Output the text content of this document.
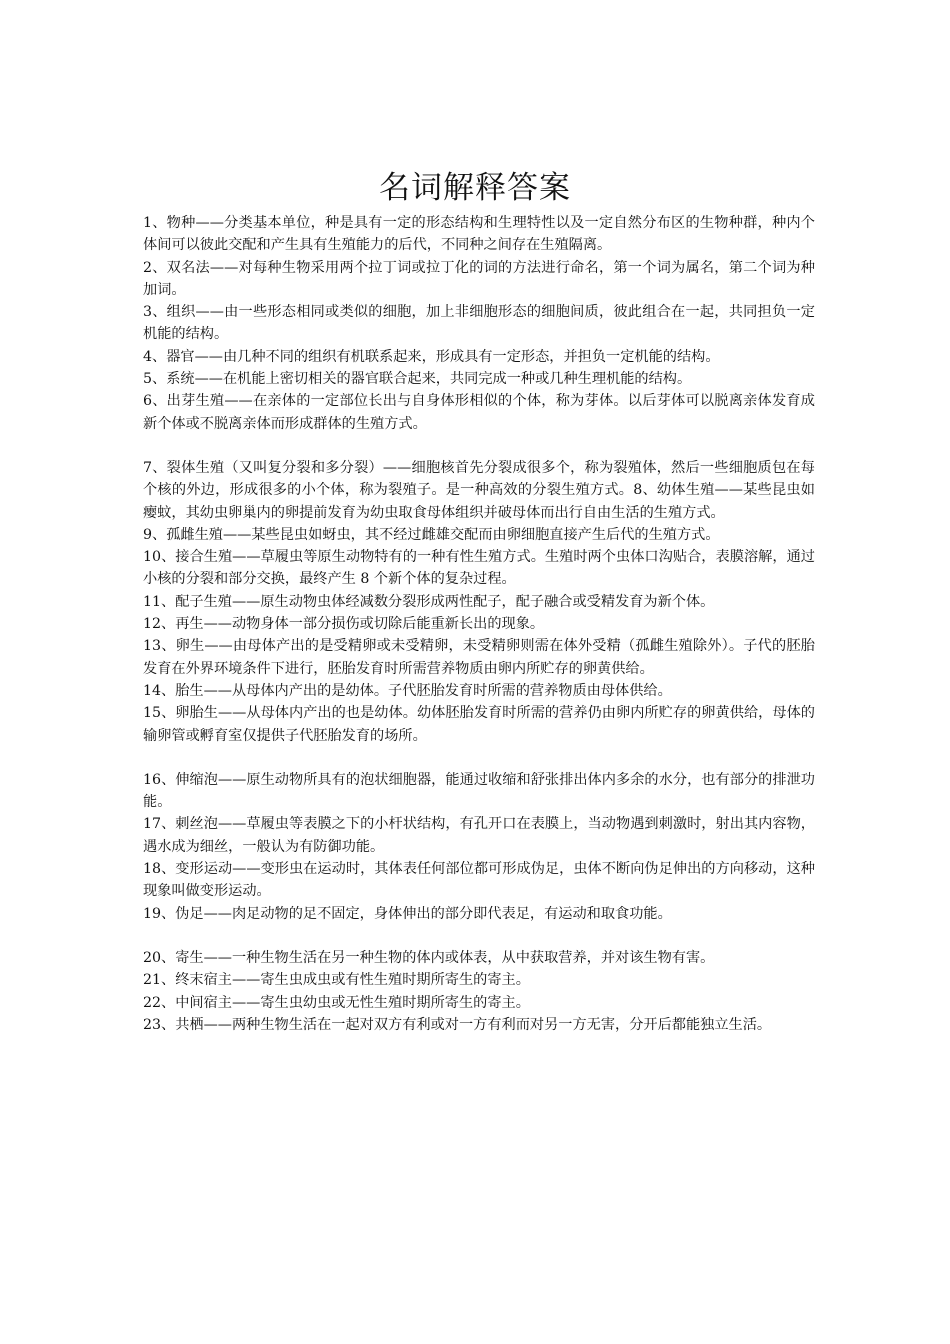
名词解释答案

1、物种——分类基本单位，种是具有一定的形态结构和生理特性以及一定自然分布区的生物种群，种内个体间可以彼此交配和产生具有生殖能力的后代，不同种之间存在生殖隔离。

2、双名法——对每种生物采用两个拉丁词或拉丁化的词的方法进行命名，第一个词为属名，第二个词为种加词。

3、组织——由一些形态相同或类似的细胞，加上非细胞形态的细胞间质，彼此组合在一起，共同担负一定机能的结构。

4、器官——由几种不同的组织有机联系起来，形成具有一定形态，并担负一定机能的结构。

5、系统——在机能上密切相关的器官联合起来，共同完成一种或几种生理机能的结构。

6、出芽生殖——在亲体的一定部位长出与自身体形相似的个体，称为芽体。以后芽体可以脱离亲体发育成新个体或不脱离亲体而形成群体的生殖方式。

7、裂体生殖（又叫复分裂和多分裂）——细胞核首先分裂成很多个，称为裂殖体，然后一些细胞质包在每个核的外边，形成很多的小个体，称为裂殖子。是一种高效的分裂生殖方式。8、幼体生殖——某些昆虫如瘿蚊，其幼虫卵巢内的卵提前发育为幼虫取食母体组织并破母体而出行自由生活的生殖方式。

9、孤雌生殖——某些昆虫如蚜虫，其不经过雌雄交配而由卵细胞直接产生后代的生殖方式。

10、接合生殖——草履虫等原生动物特有的一种有性生殖方式。生殖时两个虫体口沟贴合，表膜溶解，通过小核的分裂和部分交换，最终产生 8 个新个体的复杂过程。

11、配子生殖——原生动物虫体经减数分裂形成两性配子，配子融合或受精发育为新个体。

12、再生——动物身体一部分损伤或切除后能重新长出的现象。

13、卵生——由母体产出的是受精卵或未受精卵，未受精卵则需在体外受精（孤雌生殖除外）。子代的胚胎发育在外界环境条件下进行，胚胎发育时所需营养物质由卵内所贮存的卵黄供给。

14、胎生——从母体内产出的是幼体。子代胚胎发育时所需的营养物质由母体供给。

15、卵胎生——从母体内产出的也是幼体。幼体胚胎发育时所需的营养仍由卵内所贮存的卵黄供给，母体的输卵管或孵育室仅提供子代胚胎发育的场所。

16、伸缩泡——原生动物所具有的泡状细胞器，能通过收缩和舒张排出体内多余的水分，也有部分的排泄功能。

17、刺丝泡——草履虫等表膜之下的小杆状结构，有孔开口在表膜上，当动物遇到刺激时，射出其内容物，遇水成为细丝，一般认为有防御功能。

18、变形运动——变形虫在运动时，其体表任何部位都可形成伪足，虫体不断向伪足伸出的方向移动，这种现象叫做变形运动。

19、伪足——肉足动物的足不固定，身体伸出的部分即代表足，有运动和取食功能。

20、寄生——一种生物生活在另一种生物的体内或体表，从中获取营养，并对该生物有害。

21、终末宿主——寄生虫成虫或有性生殖时期所寄生的寄主。

22、中间宿主——寄生虫幼虫或无性生殖时期所寄生的寄主。

23、共栖——两种生物生活在一起对双方有利或对一方有利而对另一方无害，分开后都能独立生活。
